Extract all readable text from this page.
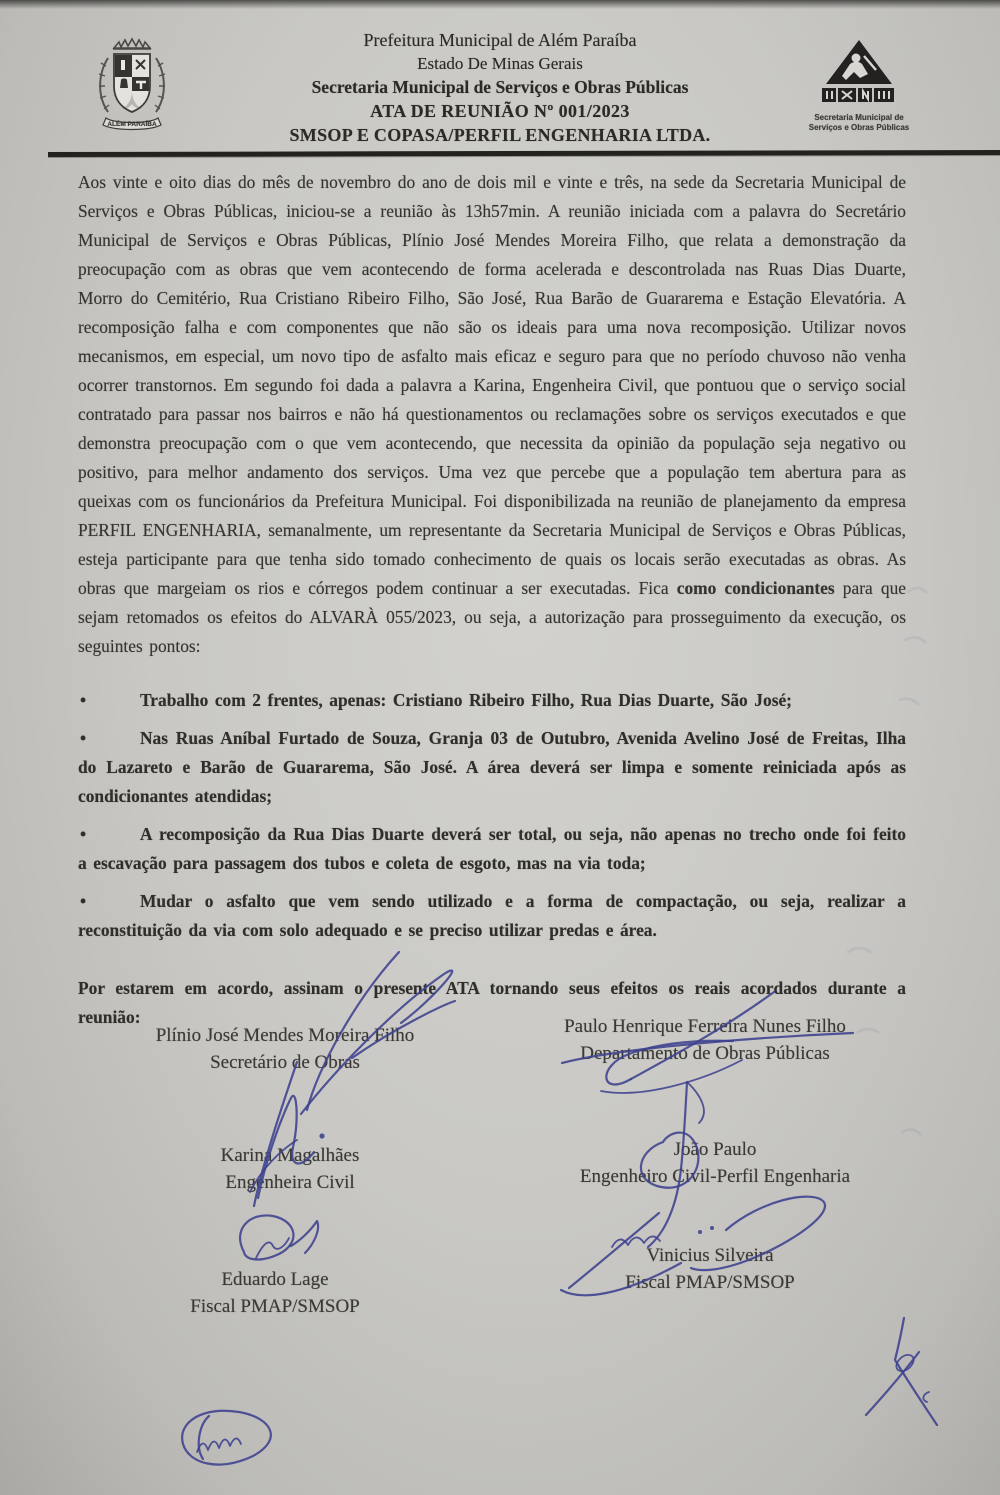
Prefeitura Municipal de Além Paraíba
Estado De Minas Gerais
Secretaria Municipal de Serviços e Obras Públicas
ATA DE REUNIÃO Nº 001/2023
SMSOP E COPASA/PERFIL ENGENHARIA LTDA.
ALÉM PARAÍBA
Secretaria Municipal de
Serviços e Obras Públicas

Aos vinte e oito dias do mês de novembro do ano de dois mil e vinte e três, na sede da Secretaria Municipal de Serviços e Obras Públicas, iniciou-se a reunião às 13h57min. A reunião iniciada com a palavra do Secretário Municipal de Serviços e Obras Públicas, Plínio José Mendes Moreira Filho, que relata a demonstração da preocupação com as obras que vem acontecendo de forma acelerada e descontrolada nas Ruas Dias Duarte, Morro do Cemitério, Rua Cristiano Ribeiro Filho, São José, Rua Barão de Guararema e Estação Elevatória. A recomposição falha e com componentes que não são os ideais para uma nova recomposição. Utilizar novos mecanismos, em especial, um novo tipo de asfalto mais eficaz e seguro para que no período chuvoso não venha ocorrer transtornos. Em segundo foi dada a palavra a Karina, Engenheira Civil, que pontuou que o serviço social contratado para passar nos bairros e não há questionamentos ou reclamações sobre os serviços executados e que demonstra preocupação com o que vem acontecendo, que necessita da opinião da população seja negativo ou positivo, para melhor andamento dos serviços. Uma vez que percebe que a população tem abertura para as queixas com os funcionários da Prefeitura Municipal. Foi disponibilizada na reunião de planejamento da empresa PERFIL ENGENHARIA, semanalmente, um representante da Secretaria Municipal de Serviços e Obras Públicas, esteja participante para que tenha sido tomado conhecimento de quais os locais serão executadas as obras. As obras que margeiam os rios e córregos podem continuar a ser executadas. Fica como condicionantes para que sejam retomados os efeitos do ALVARÀ 055/2023, ou seja, a autorização para prosseguimento da execução, os seguintes pontos:

•	Trabalho com 2 frentes, apenas: Cristiano Ribeiro Filho, Rua Dias Duarte, São José;
•	Nas Ruas Aníbal Furtado de Souza, Granja 03 de Outubro, Avenida Avelino José de Freitas, Ilha do Lazareto e Barão de Guararema, São José. A área deverá ser limpa e somente reiniciada após as condicionantes atendidas;
•	A recomposição da Rua Dias Duarte deverá ser total, ou seja, não apenas no trecho onde foi feito a escavação para passagem dos tubos e coleta de esgoto, mas na via toda;
•	Mudar o asfalto que vem sendo utilizado e a forma de compactação, ou seja, realizar a reconstituição da via com solo adequado e se preciso utilizar predas e área.

Por estarem em acordo, assinam o presente ATA tornando seus efeitos os reais acordados durante a reunião:

Plínio José Mendes Moreira Filho
Secretário de Obras
Paulo Henrique Ferreira Nunes Filho
Departamento de Obras Públicas
Karina Magalhães
Engenheira Civil
João Paulo
Engenheiro Civil-Perfil Engenharia
Eduardo Lage
Fiscal PMAP/SMSOP
Vinicius Silveira
Fiscal PMAP/SMSOP
